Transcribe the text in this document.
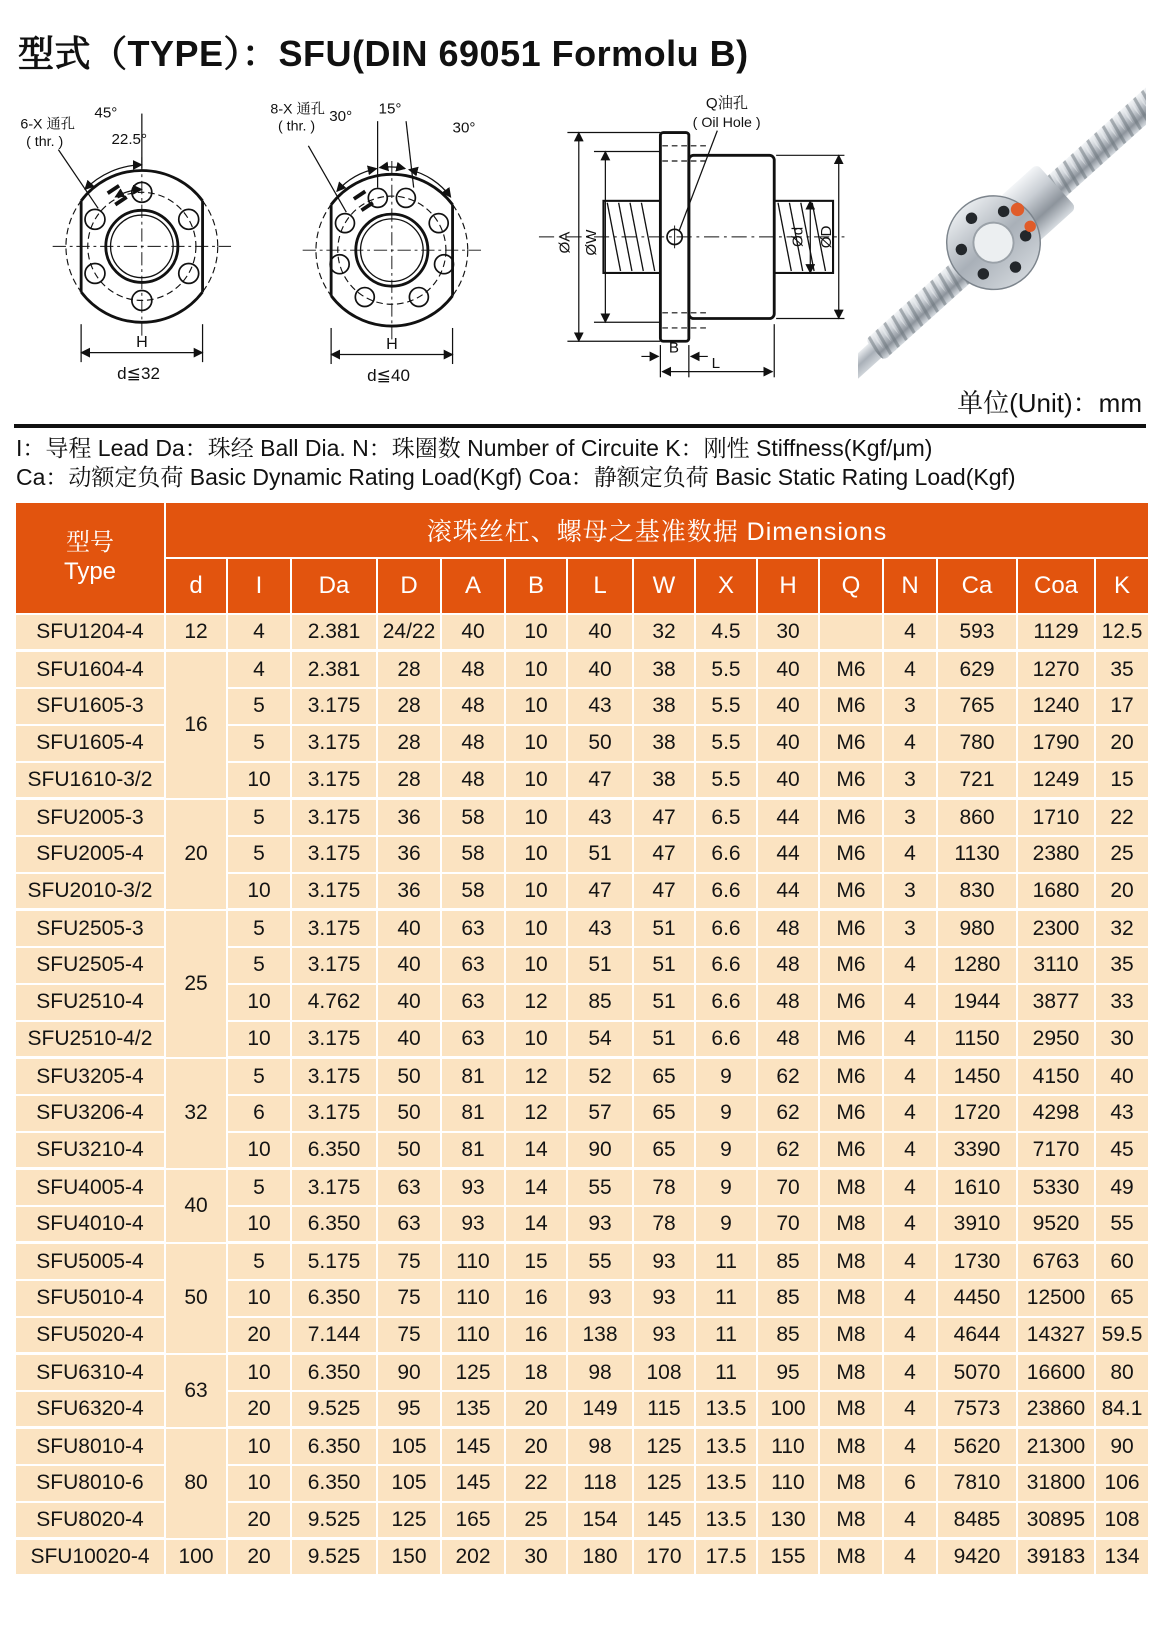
型式（TYPE）：SFU(DIN 69051 Formolu B)
45°
22.5°
6-X 通孔
( thr. )
H
d≦32
30° 15°
30°
8-X 通孔
( thr. )
H
d≦40
Q油孔
( Oil Hole )
ØA ØW	Ød ØD
B
L
单位(Unit)：mm
I：导程 Lead Da：珠经 Ball Dia. N：珠圈数 Number of Circuite K：刚性 Stiffness(Kgf/μm)
Ca：动额定负荷 Basic Dynamic Rating Load(Kgf) Coa：静额定负荷 Basic Static Rating Load(Kgf)
型号
Type	滚珠丝杠、螺母之基准数据 Dimensions														
	d	I	Da	D	A	B	L	W	X	H	Q	N	Ca	Coa	K
SFU1204-4	12	4	2.381	24/22	40	10	40	32	4.5	30		4	593	1129	12.5
SFU1604-4	16	4	2.381	28	48	10	40	38	5.5	40	M6	4	629	1270	35
SFU1605-3		5	3.175	28	48	10	43	38	5.5	40	M6	3	765	1240	17
SFU1605-4		5	3.175	28	48	10	50	38	5.5	40	M6	4	780	1790	20
SFU1610-3/2		10	3.175	28	48	10	47	38	5.5	40	M6	3	721	1249	15
SFU2005-3	20	5	3.175	36	58	10	43	47	6.5	44	M6	3	860	1710	22
SFU2005-4		5	3.175	36	58	10	51	47	6.6	44	M6	4	1130	2380	25
SFU2010-3/2		10	3.175	36	58	10	47	47	6.6	44	M6	3	830	1680	20
SFU2505-3	25	5	3.175	40	63	10	43	51	6.6	48	M6	3	980	2300	32
SFU2505-4		5	3.175	40	63	10	51	51	6.6	48	M6	4	1280	3110	35
SFU2510-4		10	4.762	40	63	12	85	51	6.6	48	M6	4	1944	3877	33
SFU2510-4/2		10	3.175	40	63	10	54	51	6.6	48	M6	4	1150	2950	30
SFU3205-4	32	5	3.175	50	81	12	52	65	9	62	M6	4	1450	4150	40
SFU3206-4		6	3.175	50	81	12	57	65	9	62	M6	4	1720	4298	43
SFU3210-4		10	6.350	50	81	14	90	65	9	62	M6	4	3390	7170	45
SFU4005-4	40	5	3.175	63	93	14	55	78	9	70	M8	4	1610	5330	49
SFU4010-4		10	6.350	63	93	14	93	78	9	70	M8	4	3910	9520	55
SFU5005-4	50	5	5.175	75	110	15	55	93	11	85	M8	4	1730	6763	60
SFU5010-4		10	6.350	75	110	16	93	93	11	85	M8	4	4450	12500	65
SFU5020-4		20	7.144	75	110	16	138	93	11	85	M8	4	4644	14327	59.5
SFU6310-4	63	10	6.350	90	125	18	98	108	11	95	M8	4	5070	16600	80
SFU6320-4		20	9.525	95	135	20	149	115	13.5	100	M8	4	7573	23860	84.1
SFU8010-4	80	10	6.350	105	145	20	98	125	13.5	110	M8	4	5620	21300	90
SFU8010-6		10	6.350	105	145	22	118	125	13.5	110	M8	6	7810	31800	106
SFU8020-4		20	9.525	125	165	25	154	145	13.5	130	M8	4	8485	30895	108
SFU10020-4	100	20	9.525	150	202	30	180	170	17.5	155	M8	4	9420	39183	134
